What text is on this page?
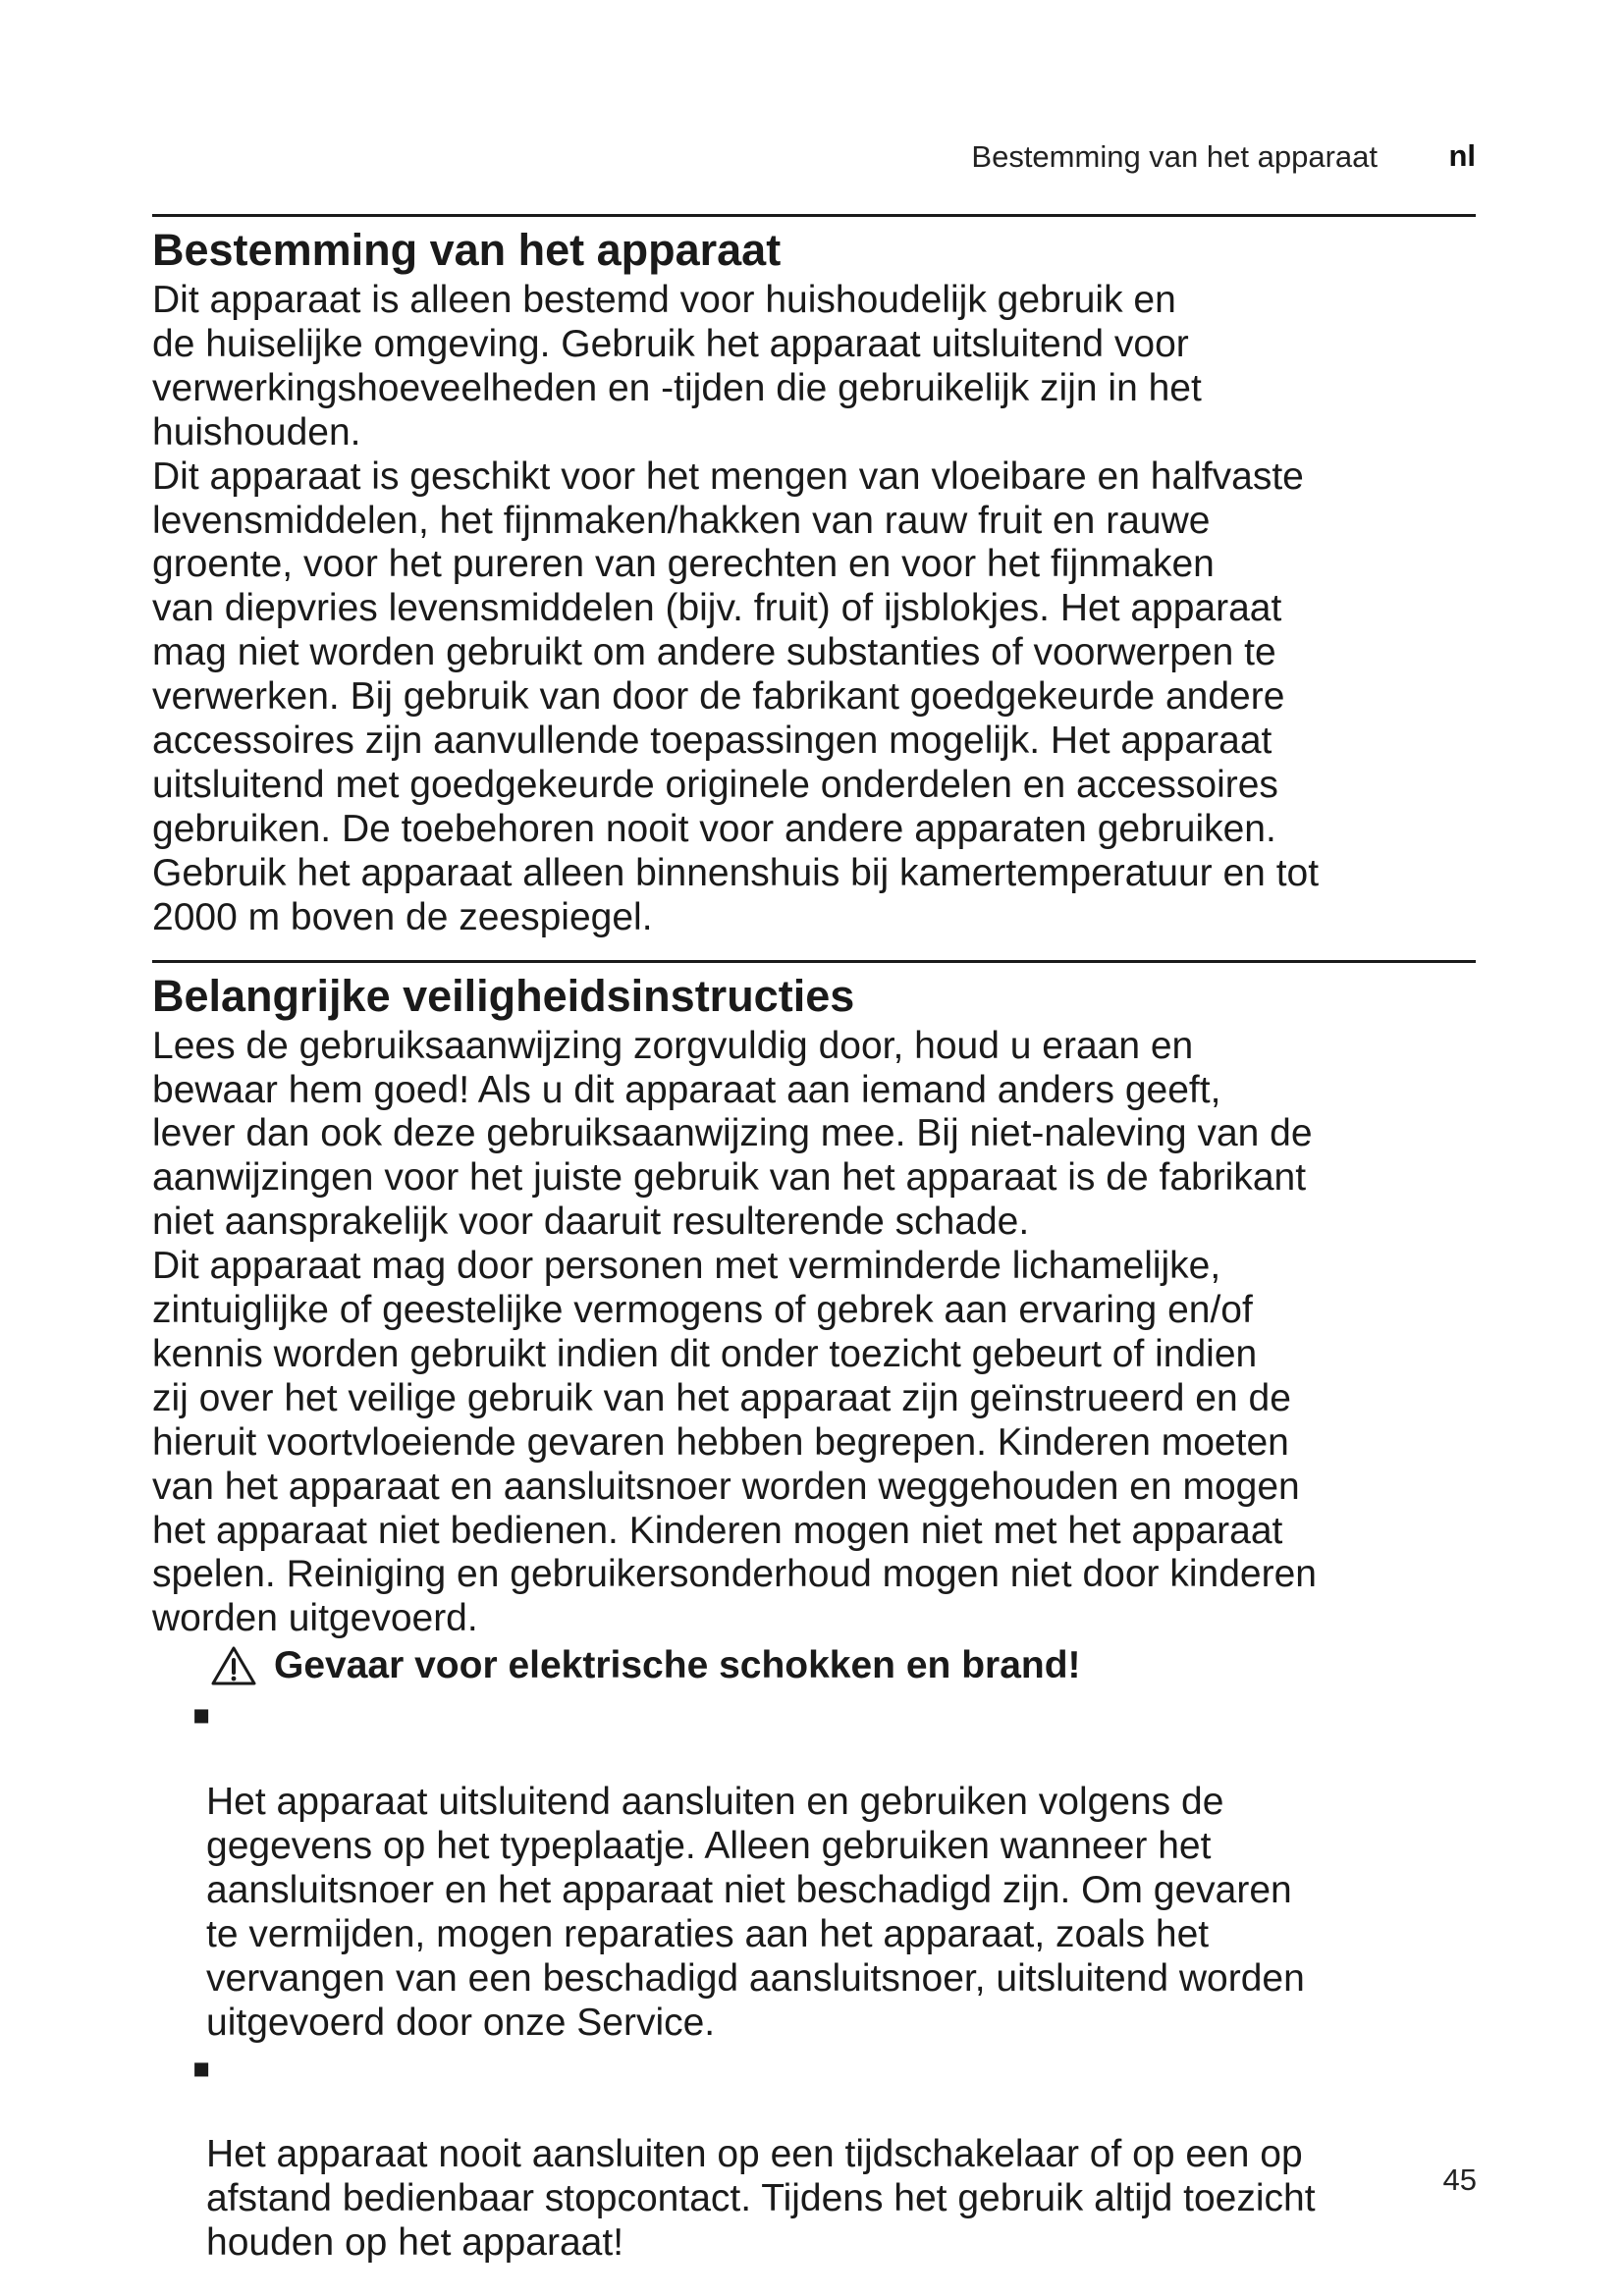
Bestemming van het apparaat nl
Bestemming van het apparaat

Dit apparaat is alleen bestemd voor huishoudelijk gebruik en
de huiselijke omgeving. Gebruik het apparaat uitsluitend voor
verwerkingshoeveelheden en -tijden die gebruikelijk zijn in het
huishouden.

Dit apparaat is geschikt voor het mengen van vloeibare en halfvaste
levensmiddelen, het fijnmaken/hakken van rauw fruit en rauwe
groente, voor het pureren van gerechten en voor het fijnmaken
van diepvries levensmiddelen (bijv. fruit) of ijsblokjes. Het apparaat
mag niet worden gebruikt om andere substanties of voorwerpen te
verwerken. Bij gebruik van door de fabrikant goedgekeurde andere
accessoires zijn aanvullende toepassingen mogelijk. Het apparaat
uitsluitend met goedgekeurde originele onderdelen en accessoires
gebruiken. De toebehoren nooit voor andere apparaten gebruiken.
Gebruik het apparaat alleen binnenshuis bij kamertemperatuur en tot
2000 m boven de zeespiegel.

Belangrijke veiligheidsinstructies

Lees de gebruiksaanwijzing zorgvuldig door, houd u eraan en
bewaar hem goed! Als u dit apparaat aan iemand anders geeft,
lever dan ook deze gebruiksaanwijzing mee. Bij niet-naleving van de
aanwijzingen voor het juiste gebruik van het apparaat is de fabrikant
niet aansprakelijk voor daaruit resulterende schade.

Dit apparaat mag door personen met verminderde lichamelijke,
zintuiglijke of geestelijke vermogens of gebrek aan ervaring en/of
kennis worden gebruikt indien dit onder toezicht gebeurt of indien
zij over het veilige gebruik van het apparaat zijn geïnstrueerd en de
hieruit voortvloeiende gevaren hebben begrepen. Kinderen moeten
van het apparaat en aansluitsnoer worden weggehouden en mogen
het apparaat niet bedienen. Kinderen mogen niet met het apparaat
spelen. Reiniging en gebruikersonderhoud mogen niet door kinderen
worden uitgevoerd.

Gevaar voor elektrische schokken en brand!

■

Het apparaat uitsluitend aansluiten en gebruiken volgens de
gegevens op het typeplaatje. Alleen gebruiken wanneer het
aansluitsnoer en het apparaat niet beschadigd zijn. Om gevaren
te vermijden, mogen reparaties aan het apparaat, zoals het
vervangen van een beschadigd aansluitsnoer, uitsluitend worden
uitgevoerd door onze Service.

■

Het apparaat nooit aansluiten op een tijdschakelaar of op een op
afstand bedienbaar stopcontact. Tijdens het gebruik altijd toezicht
houden op het apparaat!

45
